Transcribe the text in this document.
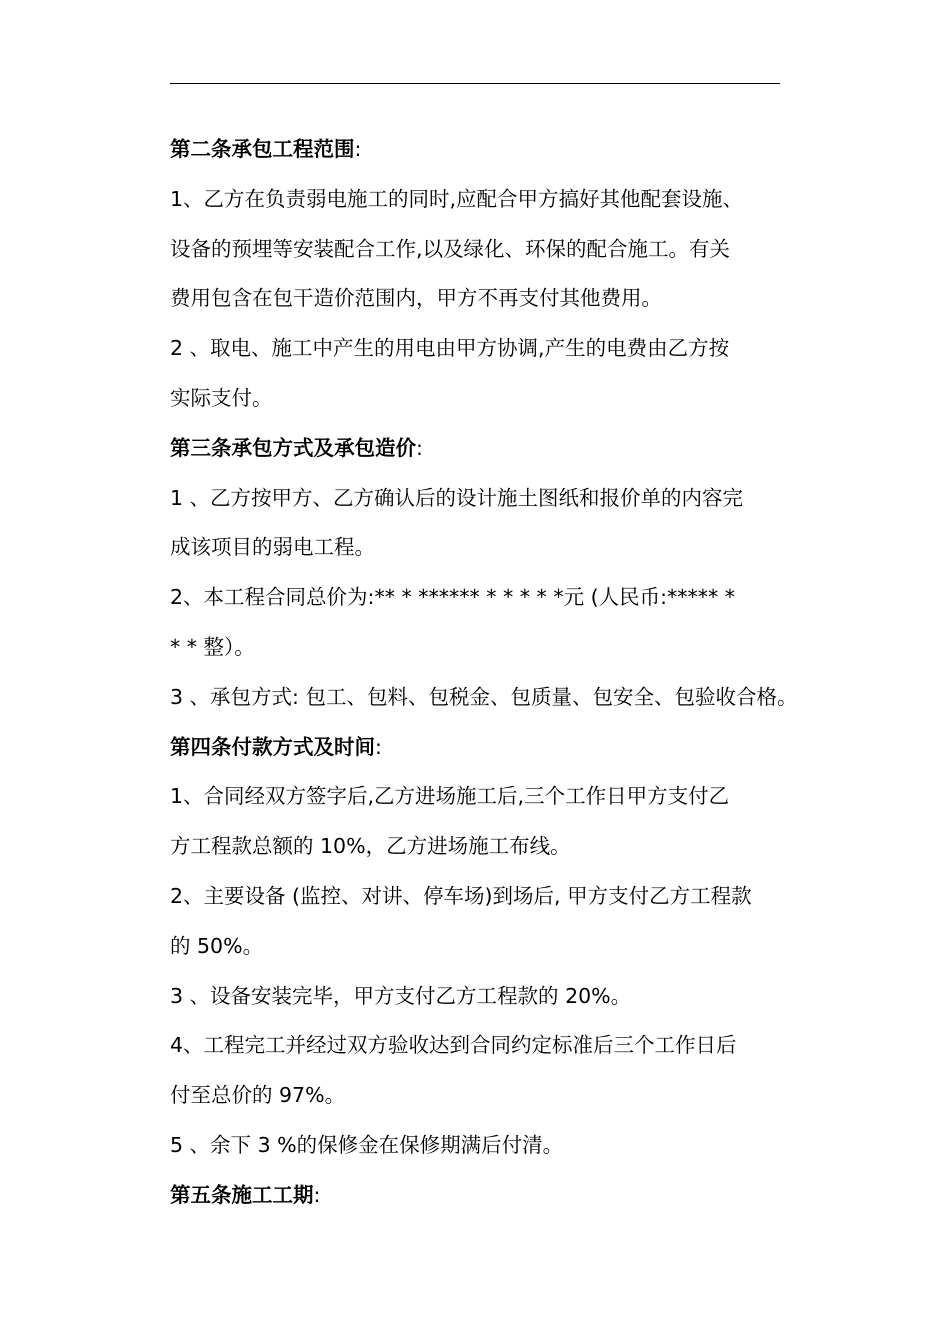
第二条承包工程范围:
1、乙方在负责弱电施工的同时,应配合甲方搞好其他配套设施、
设备的预埋等安装配合工作,以及绿化、环保的配合施工。有关
费用包含在包干造价范围内，甲方不再支付其他费用。
2 、取电、施工中产生的用电由甲方协调,产生的电费由乙方按
实际支付。
第三条承包方式及承包造价:
1 、乙方按甲方、乙方确认后的设计施土图纸和报价单的内容完
成该项目的弱电工程。
2、本工程合同总价为:** * ****** * * * * *元 (人民币:***** *
* * 整）。
3 、承包方式: 包工、包料、包税金、包质量、包安全、包验收合格。
第四条付款方式及时间:
1、合同经双方签字后,乙方进场施工后,三个工作日甲方支付乙
方工程款总额的 10%，乙方进场施工布线。
2、主要设备 (监控、对讲、停车场)到场后, 甲方支付乙方工程款
的 50%。
3 、设备安装完毕，甲方支付乙方工程款的 20%。
4、工程完工并经过双方验收达到合同约定标准后三个工作日后
付至总价的 97%。
5 、余下 3 %的保修金在保修期满后付清。
第五条施工工期:
